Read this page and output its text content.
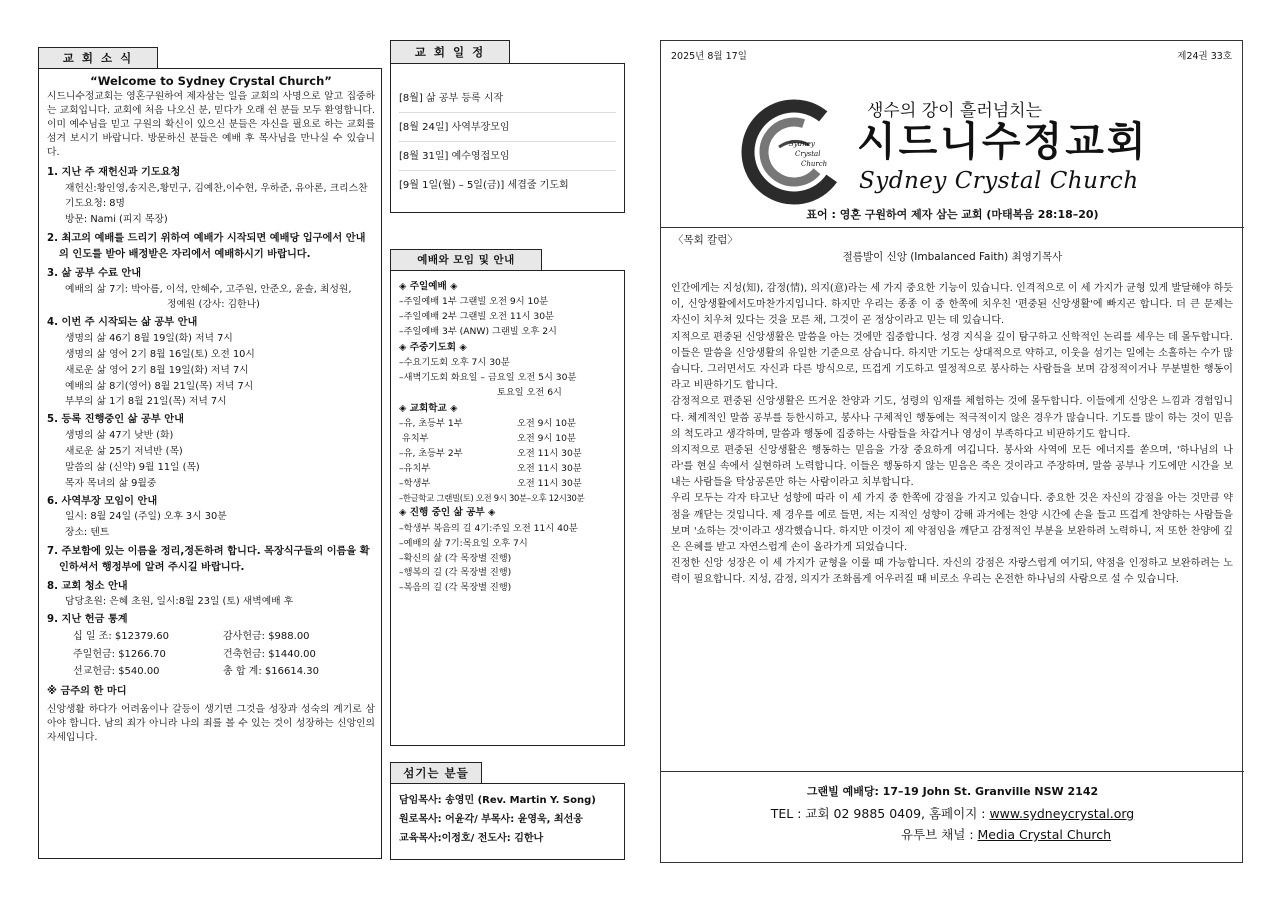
교 회 소 식
“Welcome to Sydney Crystal Church”
시드니수정교회는 영혼구원하여 제자삼는 일을 교회의 사명으로 알고 집중하는 교회입니다. 교회에 처음 나오신 분, 믿다가 오래 쉰 분들 모두 환영합니다. 이미 예수님을 믿고 구원의 확신이 있으신 분들은 자신을 필요로 하는 교회를 섬겨 보시기 바랍니다. 방문하신 분들은 예배 후 목사님을 만나실 수 있습니다.
1. 지난 주 재헌신과 기도요청
재헌신:황인영,송지은,황민구, 김예찬,이수현, 우하준, 유아론, 크리스찬
기도요청: 8명
방문: Nami (피지 목장)
2. 최고의 예배를 드리기 위하여 예배가 시작되면 예배당 입구에서 안내의 인도를 받아 배정받은 자리에서 예배하시기 바랍니다.
3. 삶 공부 수료 안내
예배의 삶 7기: 박아름, 이석, 안혜수, 고주원, 안준오, 윤솔, 최성원,
정예원 (강사: 김한나)
4. 이번 주 시작되는 삶 공부 안내
생명의 삶 46기 8월 19일(화) 저녁 7시
생명의 삶 영어 2기 8월 16일(토) 오전 10시
새로운 삶 영어 2기 8월 19일(화) 저녁 7시
예배의 삶 8기(영어) 8월 21일(목) 저녁 7시
부부의 삶 1기 8월 21일(목) 저녁 7시
5. 등록 진행중인 삶 공부 안내
생명의 삶 47기 낮반 (화)
새로운 삶 25기 저녁반 (목)
말씀의 삶 (신약) 9월 11일 (목)
목자 목녀의 삶 9월중
6. 사역부장 모임이 안내
일시: 8월 24일 (주일) 오후 3시 30분
장소: 텐트
7. 주보함에 있는 이름을 정리,정돈하려 합니다. 목장식구들의 이름을 확인하셔서 행정부에 알려 주시길 바랍니다.
8. 교회 청소 안내
담당초원: 은혜 초원, 일시:8월 23일 (토) 새벽예배 후
9. 지난 헌금 통계
십 일 조: $12379.60	감사헌금: $988.00
주일헌금: $1266.70	건축헌금: $1440.00
선교헌금: $540.00	총 합 계: $16614.30
※ 금주의 한 마디
신앙생활 하다가 어려움이나 갈등이 생기면 그것을 성장과 성숙의 계기로 삼아야 합니다. 남의 죄가 아니라 나의 죄를 볼 수 있는 것이 성장하는 신앙인의 자세입니다.
교 회 일 정
[8월] 삶 공부 등록 시작
[8월 24일] 사역부장모임
[8월 31일] 예수영접모임
[9월 1일(월) – 5일(금)] 세겹줄 기도회
예배와 모임 및 안내
◈ 주일예배 ◈
–주일예배 1부 그랜빌 오전 9시 10분
–주일예배 2부 그랜빌 오전 11시 30분
–주일예배 3부 (ANW) 그랜빌 오후 2시
◈ 주중기도회 ◈
–수요기도회 오후 7시 30분
–새벽기도회 화요일 – 금요일 오전 5시 30분
토요일 오전 6시
◈ 교회학교 ◈
–유, 초등부 1부	오전 9시 10분
유치부	오전 9시 10분
–유, 초등부 2부	오전 11시 30분
–유치부	오전 11시 30분
–학생부	오전 11시 30분
–한글학교 그랜빌(토) 오전 9시 30분–오후 12시30분
◈ 진행 중인 삶 공부 ◈
–학생부 복음의 길 4기:주일 오전 11시 40분
–예배의 삶 7기:목요일 오후 7시
–확신의 삶 (각 목장별 진행)
–행복의 길 (각 목장별 진행)
–복음의 길 (각 목장별 진행)
섬기는 분들
담임목사: 송영민 (Rev. Martin Y. Song)
원로목사: 어윤각/ 부목사: 윤영욱, 최선웅
교육목사:이정호/ 전도사: 김한나
2025년 8월 17일	제24권 33호
Sydney
Crystal
Church
생수의 강이 흘러넘치는
시드니수정교회
Sydney Crystal Church
표어 : 영혼 구원하여 제자 삼는 교회 (마태복음 28:18–20)
〈목회 칼럼〉
절름발이 신앙 (Imbalanced Faith) 최영기목사

인간에게는 지성(知), 감정(情), 의지(意)라는 세 가지 중요한 기능이 있습니다. 인격적으로 이 세 가지가 균형 있게 발달해야 하듯이, 신앙생활에서도마찬가지입니다. 하지만 우리는 종종 이 중 한쪽에 치우친 '편중된 신앙생활'에 빠지곤 합니다. 더 큰 문제는 자신이 치우쳐 있다는 것을 모른 채, 그것이 곧 정상이라고 믿는 데 있습니다.

지적으로 편중된 신앙생활은 말씀을 아는 것에만 집중합니다. 성경 지식을 깊이 탐구하고 신학적인 논리를 세우는 데 몰두합니다. 이들은 말씀을 신앙생활의 유일한 기준으로 삼습니다. 하지만 기도는 상대적으로 약하고, 이웃을 섬기는 일에는 소홀하는 수가 많습니다. 그러면서도 자신과 다른 방식으로, 뜨겁게 기도하고 열정적으로 봉사하는 사람들을 보며 감정적이거나 무분별한 행동이라고 비판하기도 합니다.

감정적으로 편중된 신앙생활은 뜨거운 찬양과 기도, 성령의 임재를 체험하는 것에 몰두합니다. 이들에게 신앙은 느낌과 경험입니다. 체계적인 말씀 공부를 등한시하고, 봉사나 구체적인 행동에는 적극적이지 않은 경우가 많습니다. 기도를 많이 하는 것이 믿음의 척도라고 생각하며, 말씀과 행동에 집중하는 사람들을 차갑거나 영성이 부족하다고 비판하기도 합니다.

의지적으로 편중된 신앙생활은 행동하는 믿음을 가장 중요하게 여깁니다. 봉사와 사역에 모든 에너지를 쏟으며, '하나님의 나라'를 현실 속에서 실현하려 노력합니다. 이들은 행동하지 않는 믿음은 죽은 것이라고 주장하며, 말씀 공부나 기도에만 시간을 보내는 사람들을 탁상공론만 하는 사람이라고 치부합니다.

우리 모두는 각자 타고난 성향에 따라 이 세 가지 중 한쪽에 강점을 가지고 있습니다. 중요한 것은 자신의 강점을 아는 것만큼 약점을 깨닫는 것입니다. 제 경우를 예로 들면, 저는 지적인 성향이 강해 과거에는 찬양 시간에 손을 들고 뜨겁게 찬양하는 사람들을 보며 '쇼하는 것'이라고 생각했습니다. 하지만 이것이 제 약점임을 깨닫고 감정적인 부분을 보완하려 노력하니, 저 또한 찬양에 깊은 은혜를 받고 자연스럽게 손이 올라가게 되었습니다.

진정한 신앙 성장은 이 세 가지가 균형을 이룰 때 가능합니다. 자신의 강점은 자랑스럽게 여기되, 약점을 인정하고 보완하려는 노력이 필요합니다. 지성, 감정, 의지가 조화롭게 어우러질 때 비로소 우리는 온전한 하나님의 사람으로 설 수 있습니다.

그랜빌 예배당: 17–19 John St. Granville NSW 2142
TEL : 교회 02 9885 0409, 홈페이지 : www.sydneycrystal.org
유투브 채널 : Media Crystal Church
